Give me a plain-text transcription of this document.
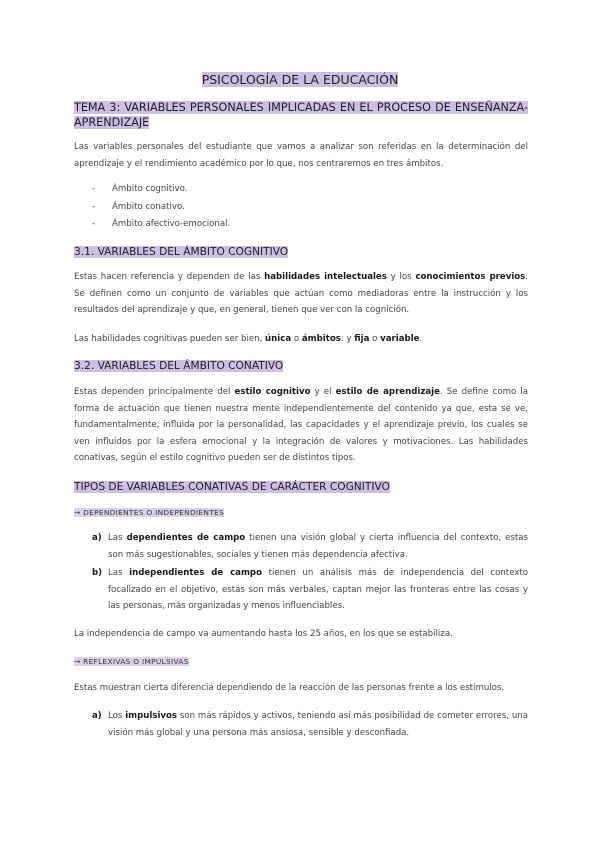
PSICOLOGÍA DE LA EDUCACIÓN
TEMA 3: VARIABLES PERSONALES IMPLICADAS EN EL PROCESO DE ENSEÑANZA-APRENDIZAJE
Las variables personales del estudiante que vamos a analizar son referidas en la determinación del aprendizaje y el rendimiento académico por lo que, nos centraremos en tres ámbitos.
- Ámbito cognitivo.
- Ámbito conativo.
- Ámbito afectivo-emocional.
3.1. VARIABLES DEL ÁMBITO COGNITIVO
Estas hacen referencia y dependen de las habilidades intelectuales y los conocimientos previos. Se definen como un conjunto de variables que actúan como mediadoras entre la instrucción y los resultados del aprendizaje y que, en general, tienen que ver con la cognición.
Las habilidades cognitivas pueden ser bien, única o ámbitos: y fija o variable.
3.2. VARIABLES DEL ÁMBITO CONATIVO
Estas dependen principalmente del estilo cognitivo y el estilo de aprendizaje. Se define como la forma de actuación que tienen nuestra mente independientemente del contenido ya que, esta se ve, fundamentalmente, influida por la personalidad, las capacidades y el aprendizaje previo, los cuales se ven influidos por la esfera emocional y la integración de valores y motivaciones. Las habilidades conativas, según el estilo cognitivo pueden ser de distintos tipos.
TIPOS DE VARIABLES CONATIVAS DE CARÁCTER COGNITIVO
→ DEPENDIENTES O INDEPENDIENTES
a) Las dependientes de campo tienen una visión global y cierta influencia del contexto, estas son más sugestionables, sociales y tienen más dependencia afectiva.
b) Las independientes de campo tienen un análisis más de independencia del contexto focalizado en el objetivo, estas son más verbales, captan mejor las fronteras entre las cosas y las personas, más organizadas y menos influenciables.
La independencia de campo va aumentando hasta los 25 años, en los que se estabiliza.
→ REFLEXIVAS O IMPULSIVAS
Estas muestran cierta diferencia dependiendo de la reacción de las personas frente a los estímulos.
a) Los impulsivos son más rápidos y activos, teniendo así más posibilidad de cometer errores, una visión más global y una persona más ansiosa, sensible y desconfiada.
